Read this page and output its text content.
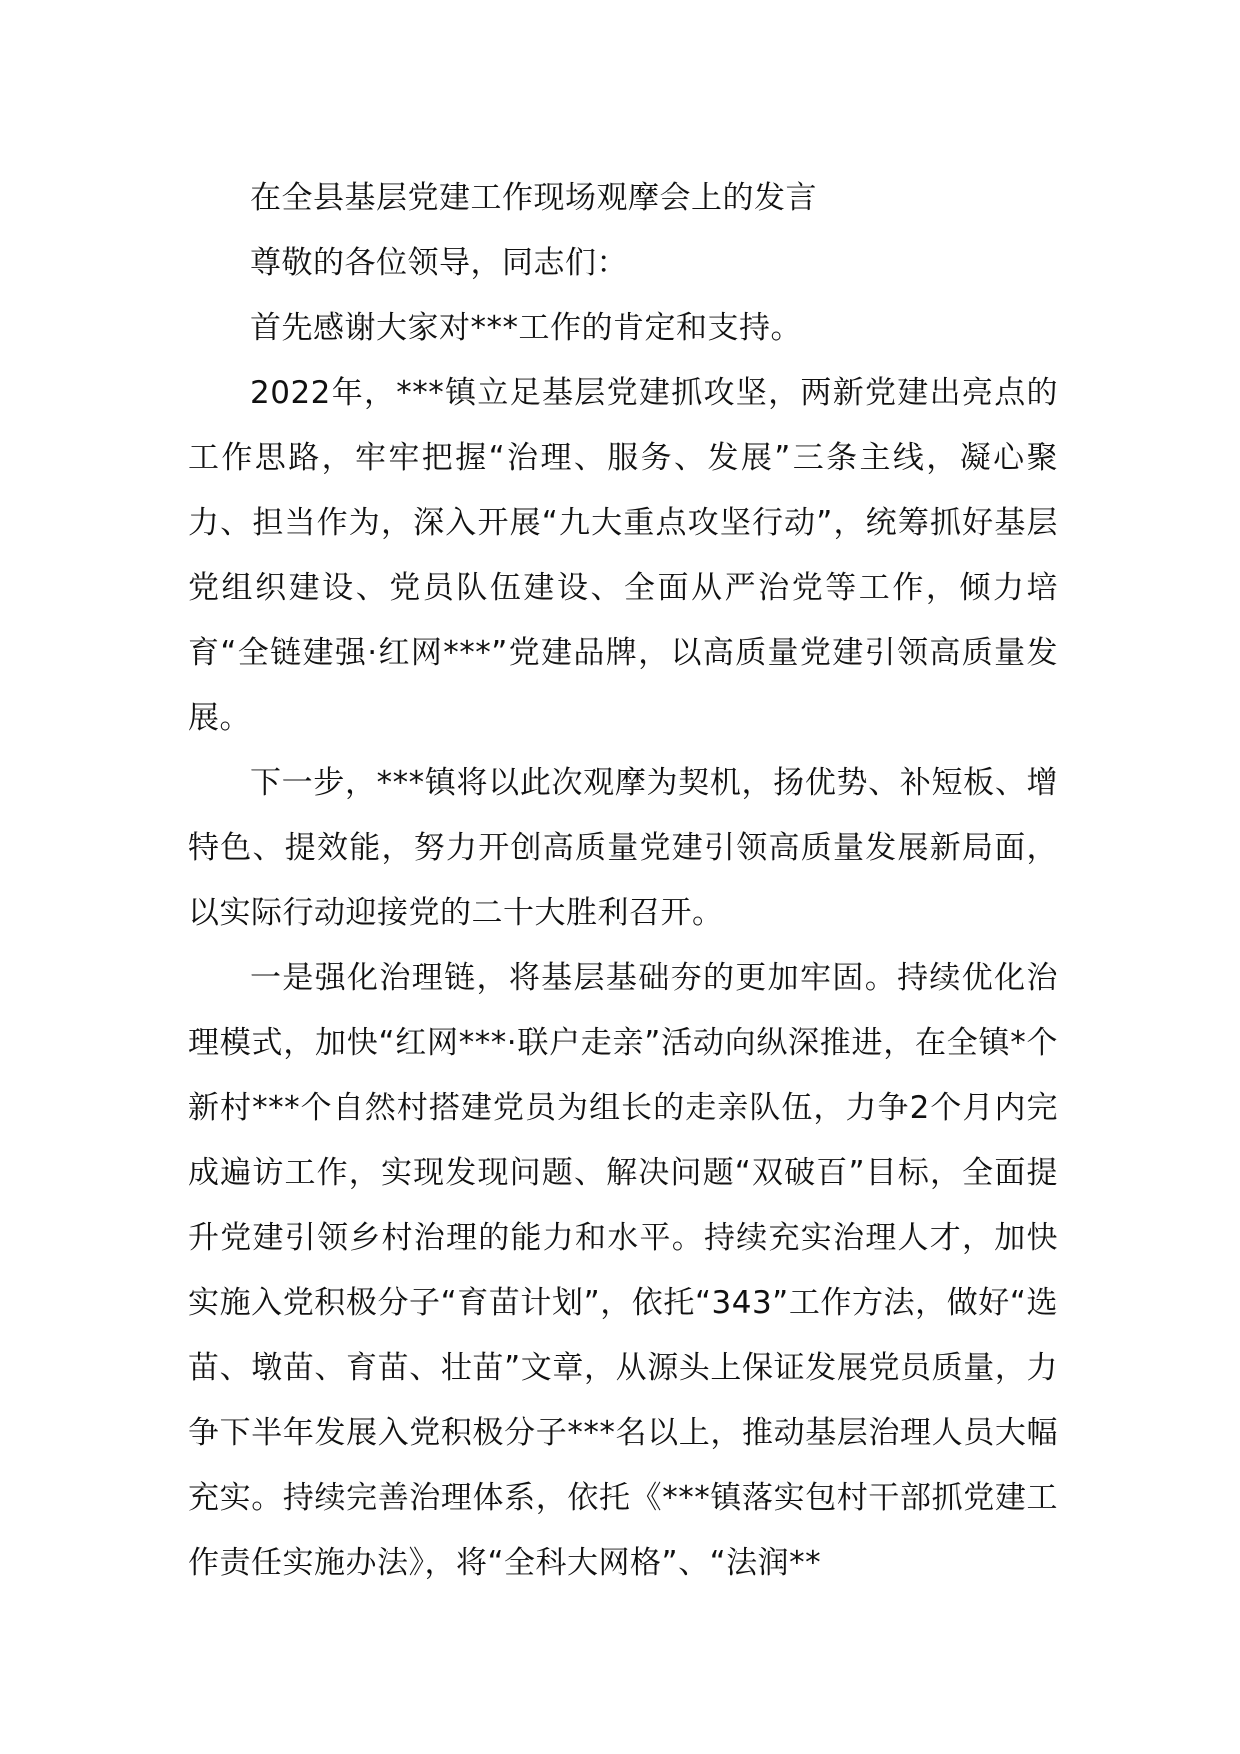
在全县基层党建工作现场观摩会上的发言

尊敬的各位领导，同志们：

首先感谢大家对***工作的肯定和支持。

2022年，***镇立足基层党建抓攻坚，两新党建出亮点的工作思路，牢牢把握“治理、服务、发展”三条主线，凝心聚力、担当作为，深入开展“九大重点攻坚行动”，统筹抓好基层党组织建设、党员队伍建设、全面从严治党等工作，倾力培育“全链建强·红网***”党建品牌，以高质量党建引领高质量发展。

下一步，***镇将以此次观摩为契机，扬优势、补短板、增特色、提效能，努力开创高质量党建引领高质量发展新局面，以实际行动迎接党的二十大胜利召开。

一是强化治理链，将基层基础夯的更加牢固。持续优化治理模式，加快“红网***·联户走亲”活动向纵深推进，在全镇*个新村***个自然村搭建党员为组长的走亲队伍，力争2个月内完成遍访工作，实现发现问题、解决问题“双破百”目标，全面提升党建引领乡村治理的能力和水平。持续充实治理人才，加快实施入党积极分子“育苗计划”，依托“343”工作方法，做好“选苗、墩苗、育苗、壮苗”文章，从源头上保证发展党员质量，力争下半年发展入党积极分子***名以上，推动基层治理人员大幅充实。持续完善治理体系，依托《***镇落实包村干部抓党建工作责任实施办法》，将“全科大网格”、“法润**
